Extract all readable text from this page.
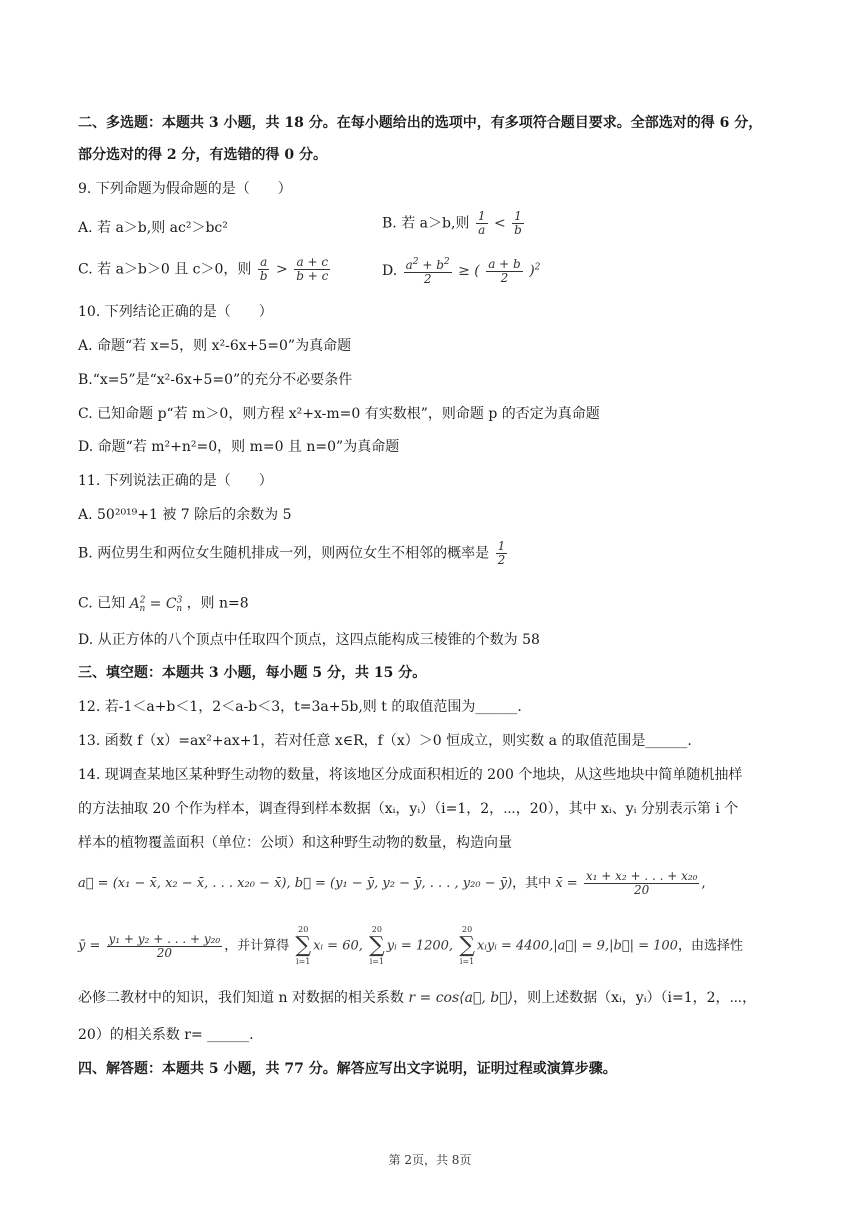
二、多选题：本题共 3 小题，共 18 分。在每小题给出的选项中，有多项符合题目要求。全部选对的得 6 分，
部分选对的得 2 分，有选错的得 0 分。
9. 下列命题为假命题的是（　　）
A. 若 a＞b,则 ac²＞bc²	B. 若 a＞b,则 $\frac{1}{a} < \frac{1}{b}$
C. 若 a＞b＞0 且 c＞0，则 $\frac{a}{b} > \frac{a + c}{b + c}$	D. $\frac{a^2 + b^2}{2}$ ≥ ( $\frac{a + b}{2} )^2$
10. 下列结论正确的是（　　）
A. 命题“若 x=5，则 x²-6x+5=0”为真命题
B.“x=5”是“x²-6x+5=0”的充分不必要条件
C. 已知命题 p“若 m＞0，则方程 x²+x-m=0 有实数根”，则命题 p 的否定为真命题
D. 命题“若 m²+n²=0，则 m=0 且 n=0”为真命题
11. 下列说法正确的是（　　）
A. 50²⁰¹⁹+1 被 7 除后的余数为 5
B. 两位男生和两位女生随机排成一列，则两位女生不相邻的概率是 $\frac{1}{2}$
C. 已知 $A^2_n = C^3_n$ ，则 n=8
D. 从正方体的八个顶点中任取四个顶点，这四点能构成三棱锥的个数为 58
三、填空题：本题共 3 小题，每小题 5 分，共 15 分。
12. 若-1＜a+b＜1，2＜a-b＜3，t=3a+5b,则 t 的取值范围为______.
13. 函数 f（x）=ax²+ax+1，若对任意 x∈R，f（x）＞0 恒成立，则实数 a 的取值范围是______.
14. 现调查某地区某种野生动物的数量，将该地区分成面积相近的 200 个地块，从这些地块中简单随机抽样
的方法抽取 20 个作为样本，调查得到样本数据（xᵢ，yᵢ）（i=1，2，⋯，20），其中 xᵢ、yᵢ 分别表示第 i 个
样本的植物覆盖面积（单位：公顷）和这种野生动物的数量，构造向量
a⃗ = (x₁ − x̄, x₂ − x̄, . . . x₂₀ − x̄), b⃗ = (y₁ − ȳ, y₂ − ȳ, . . . , y₂₀ − ȳ)，其中 x̄ = $\frac{\text{x₁ + x₂ + . . . + x₂₀}}{20}$ ,
ȳ = $\frac{\text{y₁ + y₂ + . . . + y₂₀}}{20}$ ，并计算得
20
∑
i=1
xᵢ = 60,
20
∑
i=1
yᵢ = 1200,
20
∑
i=1
xᵢyᵢ = 4400,|a⃗| = 9,|b⃗| = 100，由选择性
必修二教材中的知识，我们知道 n 对数据的相关系数 r = cos⟨a⃗, b⃗⟩，则上述数据（xᵢ，yᵢ）（i=1，2，⋯，
20）的相关系数 r= ______.
四、解答题：本题共 5 小题，共 77 分。解答应写出文字说明，证明过程或演算步骤。
第 2页，共 8页
